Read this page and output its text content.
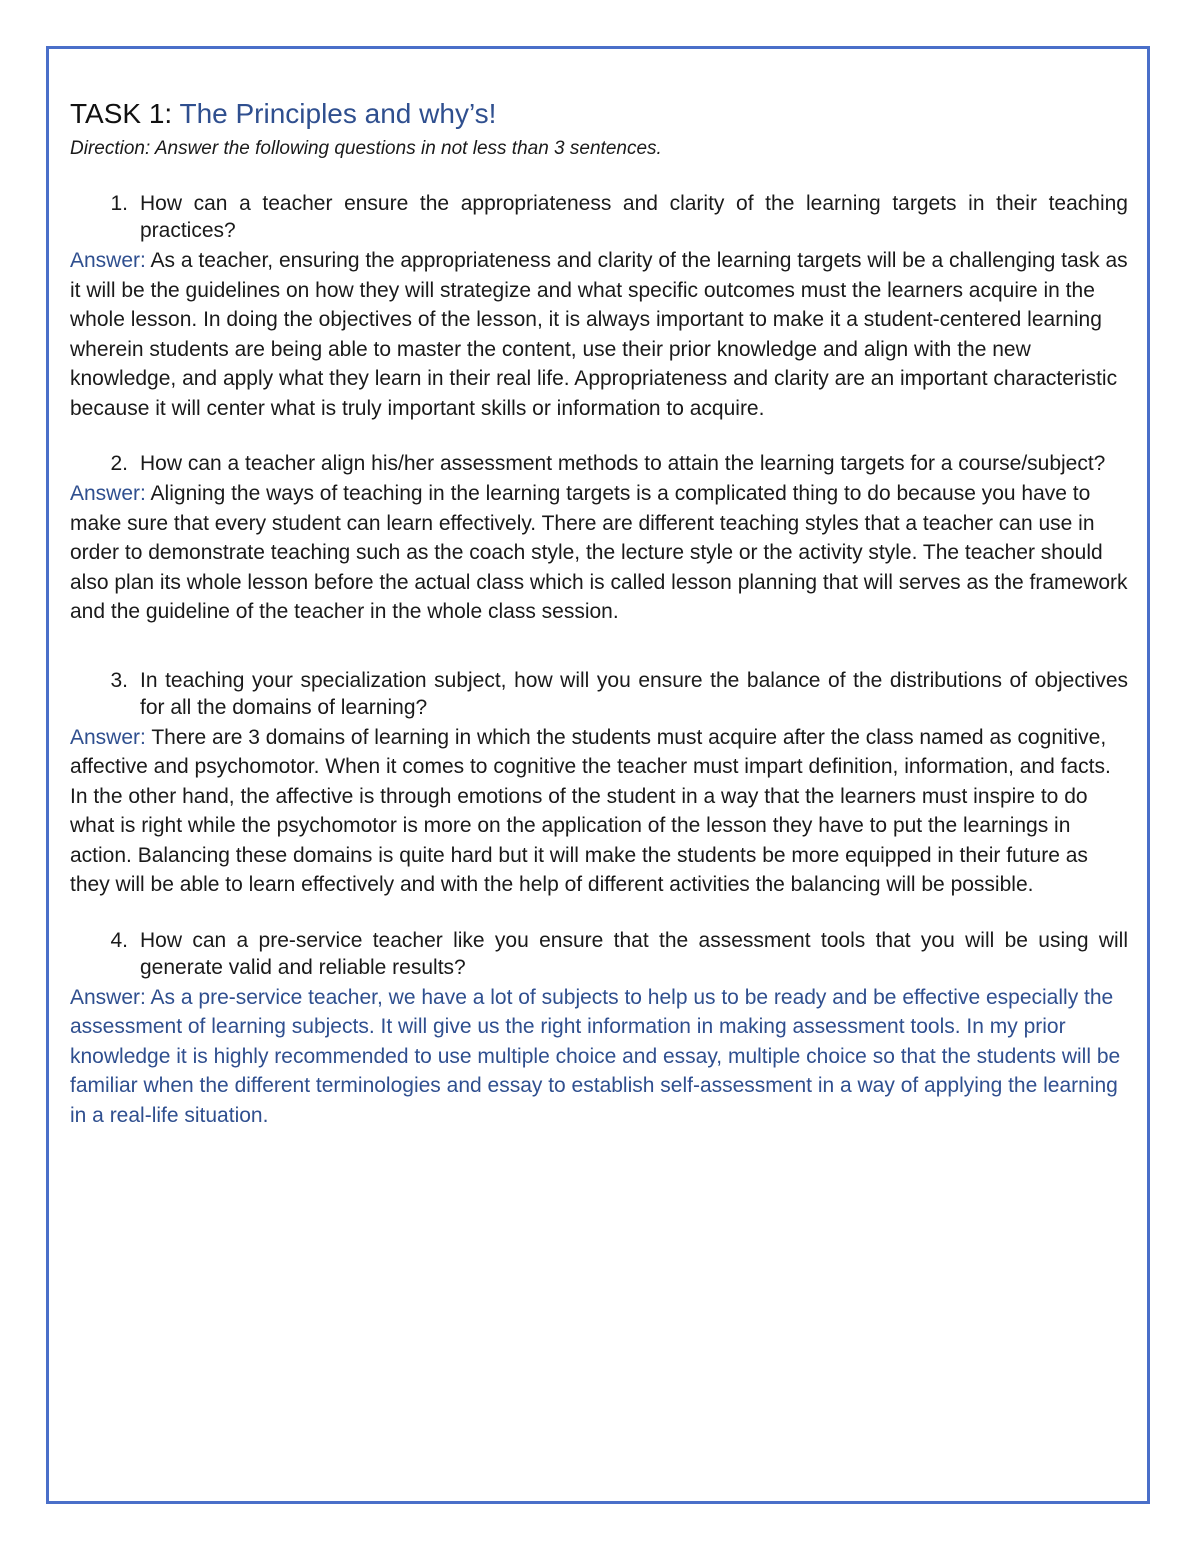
TASK 1: The Principles and why’s!
Direction: Answer the following questions in not less than 3 sentences.
1. How can a teacher ensure the appropriateness and clarity of the learning targets in their teaching practices?
Answer: As a teacher, ensuring the appropriateness and clarity of the learning targets will be a challenging task as it will be the guidelines on how they will strategize and what specific outcomes must the learners acquire in the whole lesson. In doing the objectives of the lesson, it is always important to make it a student-centered learning wherein students are being able to master the content, use their prior knowledge and align with the new knowledge, and apply what they learn in their real life. Appropriateness and clarity are an important characteristic because it will center what is truly important skills or information to acquire.
2. How can a teacher align his/her assessment methods to attain the learning targets for a course/subject?
Answer: Aligning the ways of teaching in the learning targets is a complicated thing to do because you have to make sure that every student can learn effectively. There are different teaching styles that a teacher can use in order to demonstrate teaching such as the coach style, the lecture style or the activity style. The teacher should also plan its whole lesson before the actual class which is called lesson planning that will serves as the framework and the guideline of the teacher in the whole class session.
3. In teaching your specialization subject, how will you ensure the balance of the distributions of objectives for all the domains of learning?
Answer: There are 3 domains of learning in which the students must acquire after the class named as cognitive, affective and psychomotor. When it comes to cognitive the teacher must impart definition, information, and facts. In the other hand, the affective is through emotions of the student in a way that the learners must inspire to do what is right while the psychomotor is more on the application of the lesson they have to put the learnings in action. Balancing these domains is quite hard but it will make the students be more equipped in their future as they will be able to learn effectively and with the help of different activities the balancing will be possible.
4. How can a pre-service teacher like you ensure that the assessment tools that you will be using will generate valid and reliable results?
Answer: As a pre-service teacher, we have a lot of subjects to help us to be ready and be effective especially the assessment of learning subjects. It will give us the right information in making assessment tools. In my prior knowledge it is highly recommended to use multiple choice and essay, multiple choice so that the students will be familiar when the different terminologies and essay to establish self-assessment in a way of applying the learning in a real-life situation.
